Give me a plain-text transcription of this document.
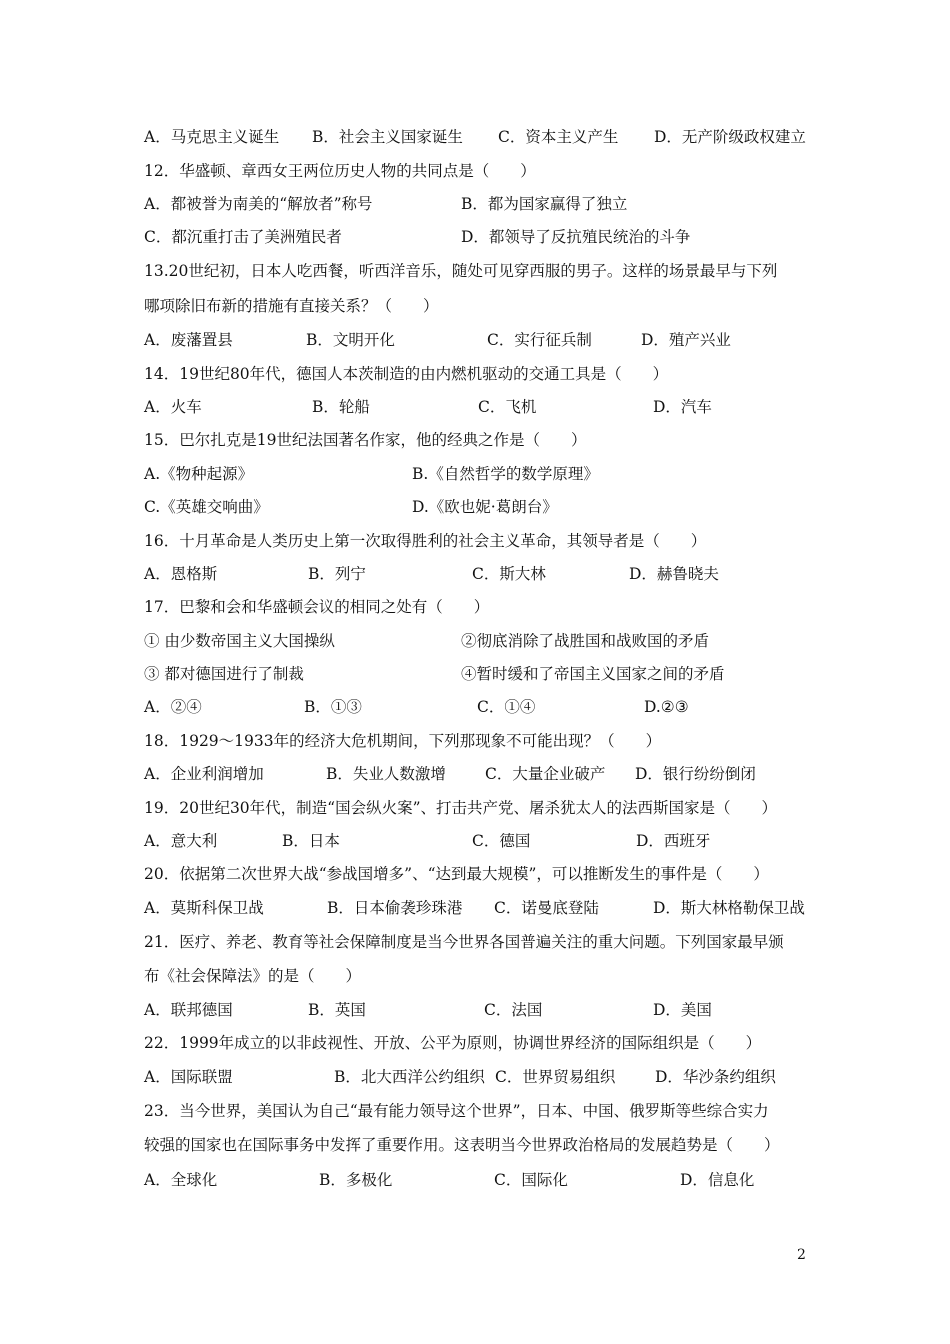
A．马克思主义诞生 B．社会主义国家诞生 C．资本主义产生 D．无产阶级政权建立
12．华盛顿、章西女王两位历史人物的共同点是（　　）
A．都被誉为南美的“解放者”称号	B．都为国家赢得了独立
C．都沉重打击了美洲殖民者	D．都领导了反抗殖民统治的斗争
13.20世纪初，日本人吃西餐，听西洋音乐，随处可见穿西服的男子。这样的场景最早与下列
哪项除旧布新的措施有直接关系？（　　）
A．废藩置县	B．文明开化	C．实行征兵制	D．殖产兴业
14．19世纪80年代，德国人本茨制造的由内燃机驱动的交通工具是（　　）
A．火车	B．轮船	C．飞机	D．汽车
15．巴尔扎克是19世纪法国著名作家，他的经典之作是（　　）
A.《物种起源》	B.《自然哲学的数学原理》
C.《英雄交响曲》	D.《欧也妮·葛朗台》
16．十月革命是人类历史上第一次取得胜利的社会主义革命，其领导者是（　　）
A．恩格斯	B．列宁	C．斯大林	D．赫鲁晓夫
17．巴黎和会和华盛顿会议的相同之处有（　　）
① 由少数帝国主义大国操纵	②彻底消除了战胜国和战败国的矛盾
③ 都对德国进行了制裁	④暂时缓和了帝国主义国家之间的矛盾
A．②④	B．①③	C．①④	D.②③
18．1929～1933年的经济大危机期间，下列那现象不可能出现？（　　）
A．企业利润增加	B．失业人数激增	C．大量企业破产 D．银行纷纷倒闭
19．20世纪30年代，制造“国会纵火案”、打击共产党、屠杀犹太人的法西斯国家是（　　）
A．意大利	B．日本	C．德国	D．西班牙
20．依据第二次世界大战“参战国增多”、“达到最大规模”，可以推断发生的事件是（　　）
A．莫斯科保卫战	B．日本偷袭珍珠港 C．诺曼底登陆	D．斯大林格勒保卫战
21．医疗、养老、教育等社会保障制度是当今世界各国普遍关注的重大问题。下列国家最早颁
布《社会保障法》的是（　　）
A．联邦德国	B．英国	C．法国	D．美国
22．1999年成立的以非歧视性、开放、公平为原则，协调世界经济的国际组织是（　　）
A．国际联盟	B．北大西洋公约组织 C．世界贸易组织	D．华沙条约组织
23．当今世界，美国认为自己“最有能力领导这个世界”，日本、中国、俄罗斯等些综合实力
较强的国家也在国际事务中发挥了重要作用。这表明当今世界政治格局的发展趋势是（　　）
A．全球化	B．多极化	C．国际化	D．信息化
2
